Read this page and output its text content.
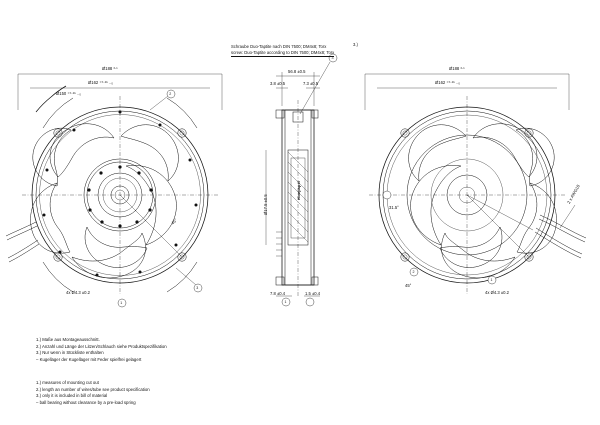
Schraube Duo-Taptite nach DIN 7500; DM4x8; Torx
screw: Duo-Taptite according to DIN 7500; DM4x8; Torx
3.)
Ø188 ³·¹
Ø162 ⁺⁰·²⁵ ₋₀
Ø150 ⁺⁰·²⁵ ₋₀
4x Ø4.3 ±0.2
45°
1
2
3
56.8 ±0.5
3.8 ±0.5	7.3 ±0.5
Ø17.5 ±0.5
7.8 ±0.4	1.5 ±0.4
ebmpapst
3
1
Ø188 ³·¹
Ø162 ⁺⁰·²⁵ ₋₀
4x Ø4.3 ±0.2
45°
31.5°
2 x AWG18
2
1
1.) Maße aus Montageausschnitt.
2.) Anzahl und Länge der Litzen/Schlauch siehe Produktspezifikation
3.) Nur wenn in Stückliste enthalten
– Kugellager der Kugellager mit Feder spielfrei gelagert
1.) measures of mounting cut out
2.) length an number of wires/tube see product specification
3.) only it is included in bill of material
– ball bearing without clearance by a pre-load spring
